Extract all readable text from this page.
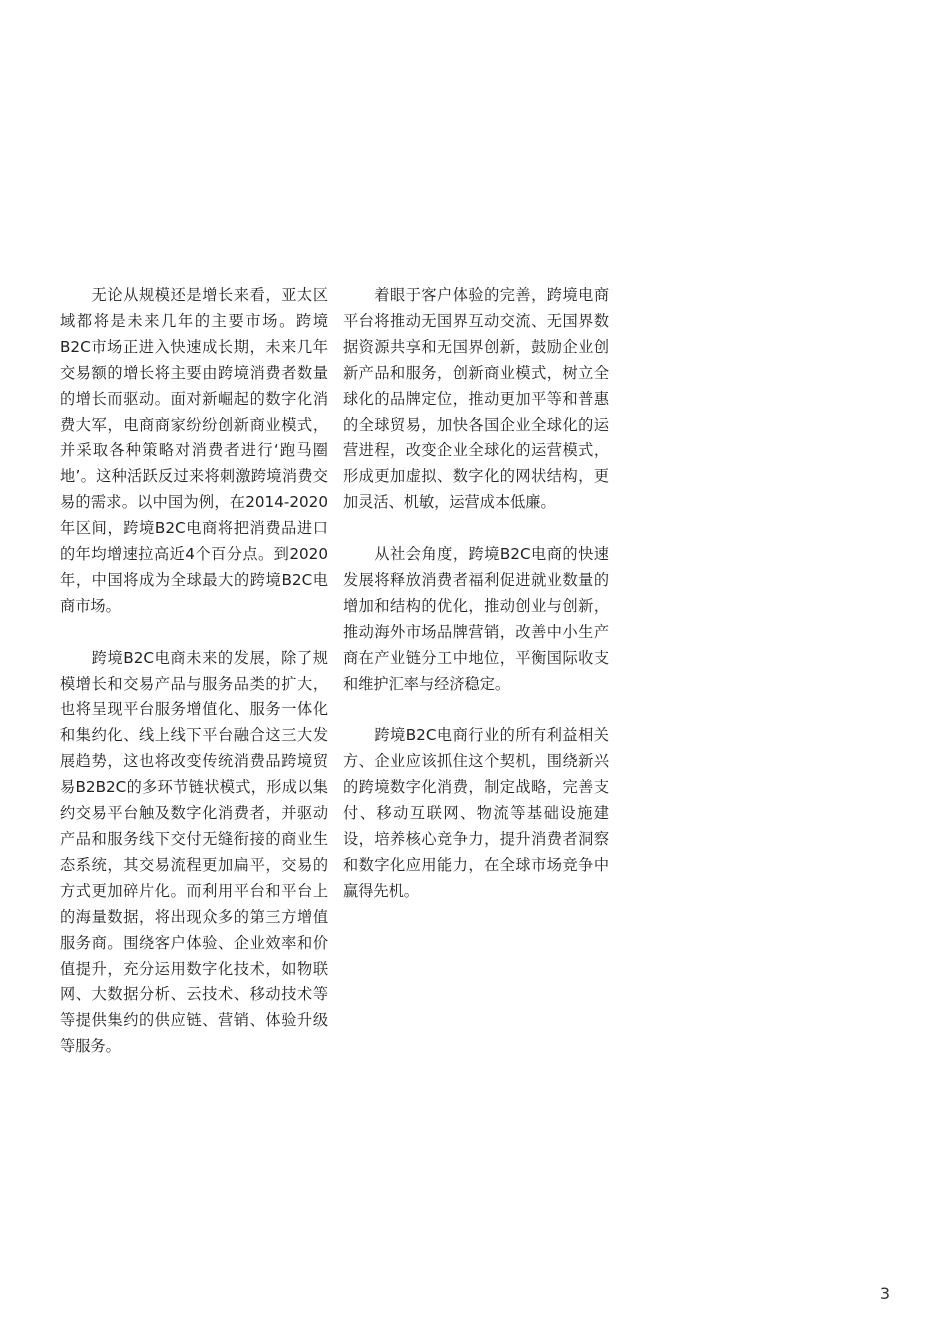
　　无论从规模还是增长来看，亚太区域都将是未来几年的主要市场。跨境B2C市场正进入快速成长期，未来几年交易额的增长将主要由跨境消费者数量的增长而驱动。面对新崛起的数字化消费大军，电商商家纷纷创新商业模式，并采取各种策略对消费者进行‘跑马圈地’。这种活跃反过来将刺激跨境消费交易的需求。以中国为例，在2014-2020年区间，跨境B2C电商将把消费品进口的年均增速拉高近4个百分点。到2020年，中国将成为全球最大的跨境B2C电商市场。

　　跨境B2C电商未来的发展，除了规模增长和交易产品与服务品类的扩大，也将呈现平台服务增值化、服务一体化和集约化、线上线下平台融合这三大发展趋势，这也将改变传统消费品跨境贸易B2B2C的多环节链状模式，形成以集约交易平台触及数字化消费者，并驱动产品和服务线下交付无缝衔接的商业生态系统，其交易流程更加扁平，交易的方式更加碎片化。而利用平台和平台上的海量数据，将出现众多的第三方增值服务商。围绕客户体验、企业效率和价值提升，充分运用数字化技术，如物联网、大数据分析、云技术、移动技术等等提供集约的供应链、营销、体验升级等服务。

　　着眼于客户体验的完善，跨境电商平台将推动无国界互动交流、无国界数据资源共享和无国界创新，鼓励企业创新产品和服务，创新商业模式，树立全球化的品牌定位，推动更加平等和普惠的全球贸易，加快各国企业全球化的运营进程，改变企业全球化的运营模式，形成更加虚拟、数字化的网状结构，更加灵活、机敏，运营成本低廉。

　　从社会角度，跨境B2C电商的快速发展将释放消费者福利促进就业数量的增加和结构的优化，推动创业与创新，推动海外市场品牌营销，改善中小生产商在产业链分工中地位，平衡国际收支和维护汇率与经济稳定。

　　跨境B2C电商行业的所有利益相关方、企业应该抓住这个契机，围绕新兴的跨境数字化消费，制定战略，完善支付、移动互联网、物流等基础设施建设，培养核心竞争力，提升消费者洞察和数字化应用能力，在全球市场竞争中赢得先机。

3
